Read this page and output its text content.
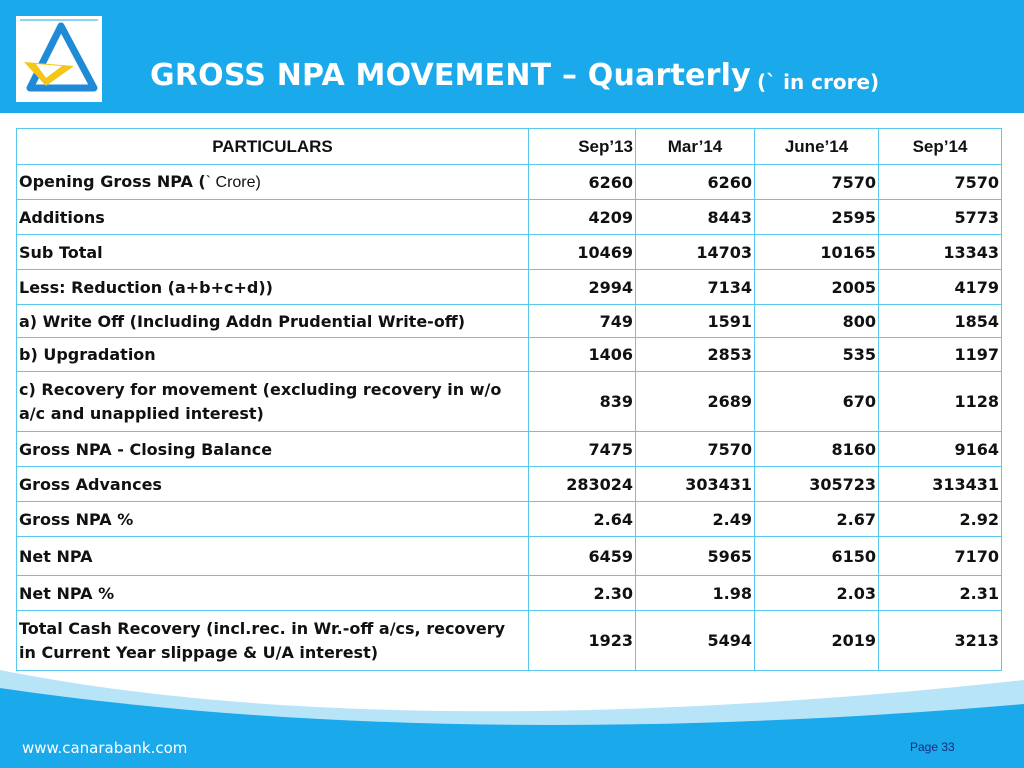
GROSS NPA MOVEMENT – Quarterly (` in crore)
PARTICULARS	Sep’13	Mar’14	June’14	Sep’14
Opening Gross NPA (` Crore)	6260	6260	7570	7570
Additions	4209	8443	2595	5773
Sub Total	10469	14703	10165	13343
Less: Reduction (a+b+c+d))	2994	7134	2005	4179
a) Write Off (Including Addn Prudential Write-off)	749	1591	800	1854
b) Upgradation	1406	2853	535	1197
c) Recovery for movement (excluding recovery in w/o a/c and unapplied interest)	839	2689	670	1128
Gross NPA - Closing Balance	7475	7570	8160	9164
Gross Advances	283024	303431	305723	313431
Gross NPA %	2.64	2.49	2.67	2.92
Net NPA	6459	5965	6150	7170
Net NPA %	2.30	1.98	2.03	2.31
Total Cash Recovery (incl.rec. in Wr.-off a/cs, recovery in Current Year slippage & U/A interest)	1923	5494	2019	3213
www.canarabank.com	Page 33
